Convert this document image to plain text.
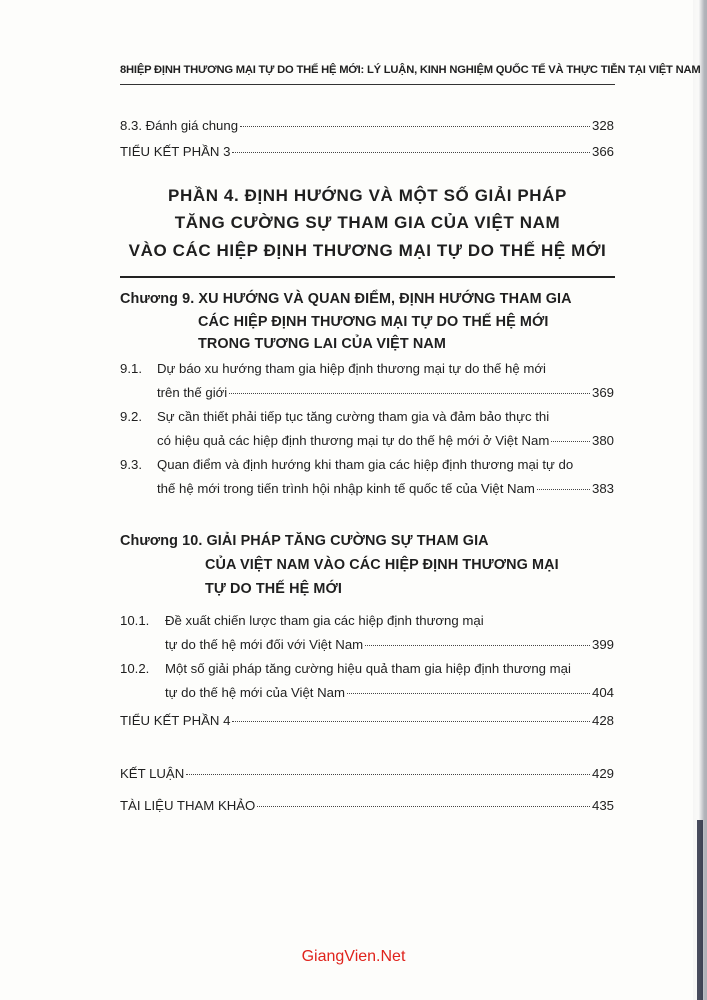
8 HIỆP ĐỊNH THƯƠNG MẠI TỰ DO THẾ HỆ MỚI: LÝ LUẬN, KINH NGHIỆM QUỐC TẾ VÀ THỰC TIỄN TẠI VIỆT NAM
8.3. Đánh giá chung	328
TIỂU KẾT PHẦN 3	366
PHẦN 4. ĐỊNH HƯỚNG VÀ MỘT SỐ GIẢI PHÁP
TĂNG CƯỜNG SỰ THAM GIA CỦA VIỆT NAM
VÀO CÁC HIỆP ĐỊNH THƯƠNG MẠI TỰ DO THẾ HỆ MỚI
Chương 9. XU HƯỚNG VÀ QUAN ĐIỂM, ĐỊNH HƯỚNG THAM GIA
CÁC HIỆP ĐỊNH THƯƠNG MẠI TỰ DO THẾ HỆ MỚI
TRONG TƯƠNG LAI CỦA VIỆT NAM
9.1. Dự báo xu hướng tham gia hiệp định thương mại tự do thế hệ mới
trên thế giới	369
9.2. Sự cần thiết phải tiếp tục tăng cường tham gia và đảm bảo thực thi
có hiệu quả các hiệp định thương mại tự do thế hệ mới ở Việt Nam	380
9.3. Quan điểm và định hướng khi tham gia các hiệp định thương mại tự do
thế hệ mới trong tiến trình hội nhập kinh tế quốc tế của Việt Nam	383
Chương 10. GIẢI PHÁP TĂNG CƯỜNG SỰ THAM GIA
CỦA VIỆT NAM VÀO CÁC HIỆP ĐỊNH THƯƠNG MẠI
TỰ DO THẾ HỆ MỚI
10.1. Đề xuất chiến lược tham gia các hiệp định thương mại
tự do thế hệ mới đối với Việt Nam	399
10.2. Một số giải pháp tăng cường hiệu quả tham gia hiệp định thương mại
tự do thế hệ mới của Việt Nam	404
TIỂU KẾT PHẦN 4	428
KẾT LUẬN	429
TÀI LIỆU THAM KHẢO	435
GiangVien.Net
